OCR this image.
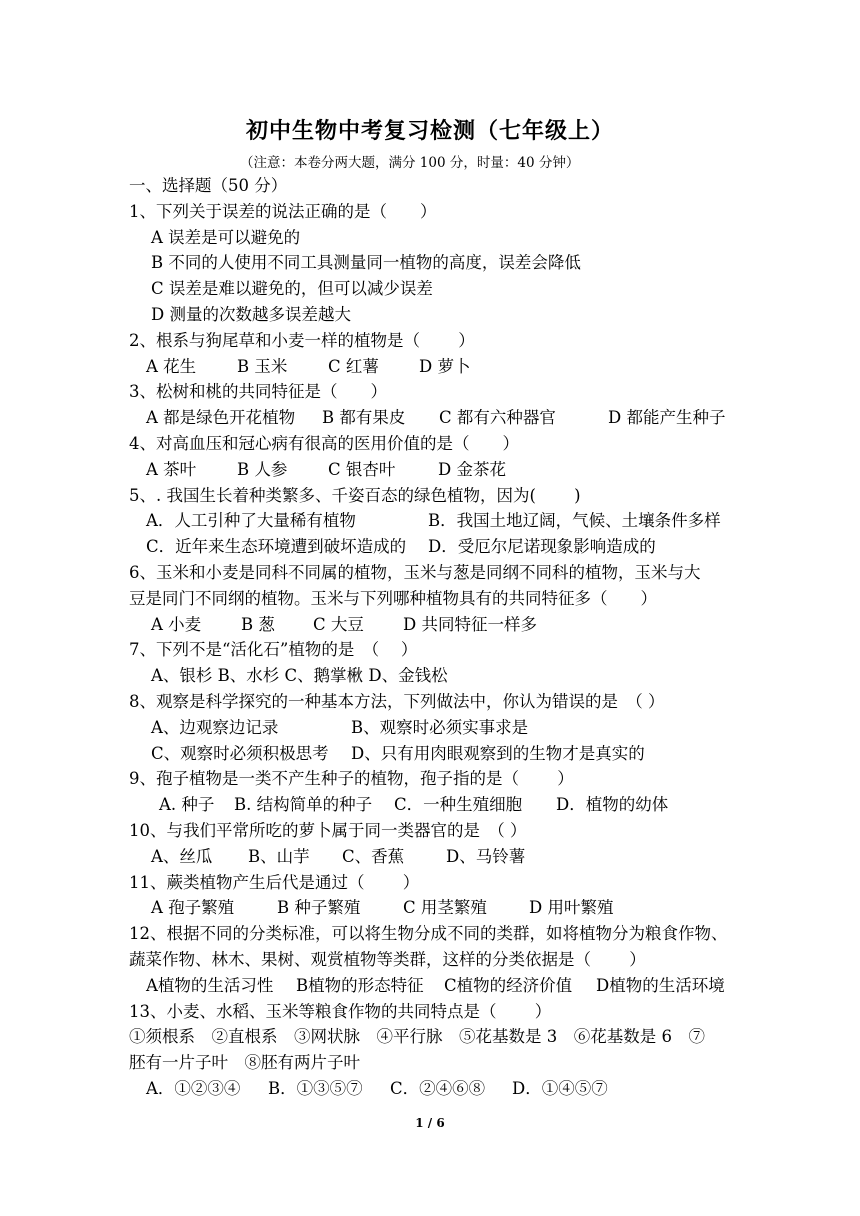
初中生物中考复习检测（七年级上）
（注意：本卷分两大题，满分 100 分，时量：40 分钟）
一、选择题（50 分）
1、下列关于误差的说法正确的是（　　）
A 误差是可以避免的
B 不同的人使用不同工具测量同一植物的高度，误差会降低
C 误差是难以避免的，但可以减少误差
D 测量的次数越多误差越大
2、根系与狗尾草和小麦一样的植物是（　　 ）
A 花生 B 玉米 C 红薯 D 萝卜
3、松树和桃的共同特征是（　　）
A 都是绿色开花植物 B 都有果皮 C 都有六种器官	D 都能产生种子
4、对高血压和冠心病有很高的医用价值的是（　　）
A 茶叶 B 人参 C 银杏叶	D 金茶花
5、. 我国生长着种类繁多、千姿百态的绿色植物，因为(　　 )
A．人工引种了大量稀有植物	B．我国土地辽阔，气候、土壤条件多样
C．近年来生态环境遭到破坏造成的 D．受厄尔尼诺现象影响造成的
6、玉米和小麦是同科不同属的植物，玉米与葱是同纲不同科的植物，玉米与大
豆是同门不同纲的植物。玉米与下列哪种植物具有的共同特征多（　　）
A 小麦 B 葱 C 大豆 D 共同特征一样多
7、下列不是“活化石”植物的是　（　 ）
A、银杉 B、水杉 C、鹅掌楸 D、金钱松
8、观察是科学探究的一种基本方法，下列做法中，你认为错误的是　（ ）
A、边观察边记录	B、观察时必须实事求是
C、观察时必须积极思考 D、只有用肉眼观察到的生物才是真实的
9、孢子植物是一类不产生种子的植物，孢子指的是（　　 ）
A. 种子 B. 结构简单的种子 C．一种生殖细胞 D．植物的幼体
10、与我们平常所吃的萝卜属于同一类器官的是　（ ）
A、丝瓜 B、山芋 C、香蕉	D、马铃薯
11、蕨类植物产生后代是通过（　　 ）
A 孢子繁殖	B 种子繁殖	C 用茎繁殖	D 用叶繁殖
12、根据不同的分类标准，可以将生物分成不同的类群，如将植物分为粮食作物、
蔬菜作物、林木、果树、观赏植物等类群，这样的分类依据是（　　 ）
A植物的生活习性 B植物的形态特征 C植物的经济价值 D植物的生活环境
13、小麦、水稻、玉米等粮食作物的共同特点是（　　 ）
①须根系　②直根系　③网状脉　④平行脉　⑤花基数是 3　⑥花基数是 6　⑦
胚有一片子叶　⑧胚有两片子叶
A．①②③④ B．①③⑤⑦ C．②④⑥⑧ D．①④⑤⑦
1 / 6
